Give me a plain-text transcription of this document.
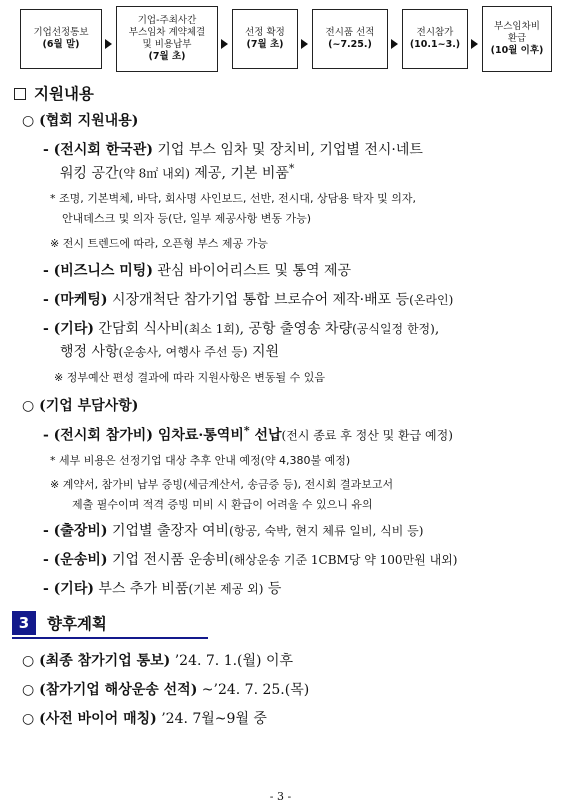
기업선정통보
(6월 말)
기업-주최사간
부스임차 계약체결
및 비용납부
(7월 초)
선정 확정
(7월 초)
전시품 선적
(~7.25.)
전시참가
(10.1~3.)
부스임차비
환급
(10월 이후)
지원내용
○ (협회 지원내용)
- (전시회 한국관) 기업 부스 임차 및 장치비, 기업별 전시·네트
워킹 공간(약 8㎡ 내외) 제공, 기본 비품*
* 조명, 기본벽체, 바닥, 회사명 사인보드, 선반, 전시대, 상담용 탁자 및 의자,
안내데스크 및 의자 등(단, 일부 제공사항 변동 가능)
※ 전시 트렌드에 따라, 오픈형 부스 제공 가능
- (비즈니스 미팅) 관심 바이어리스트 및 통역 제공
- (마케팅) 시장개척단 참가기업 통합 브로슈어 제작·배포 등(온라인)
- (기타) 간담회 식사비(최소 1회), 공항 출영송 차량(공식일정 한정),
행정 사항(운송사, 여행사 주선 등) 지원
※ 정부예산 편성 결과에 따라 지원사항은 변동될 수 있음
○ (기업 부담사항)
- (전시회 참가비) 임차료·통역비* 선납(전시 종료 후 정산 및 환급 예정)
* 세부 비용은 선정기업 대상 추후 안내 예정(약 4,380불 예정)
※ 계약서, 참가비 납부 증빙(세금계산서, 송금증 등), 전시회 결과보고서
제출 필수이며 적격 증빙 미비 시 환급이 어려울 수 있으니 유의
- (출장비) 기업별 출장자 여비(항공, 숙박, 현지 체류 일비, 식비 등)
- (운송비) 기업 전시품 운송비(해상운송 기준 1CBM당 약 100만원 내외)
- (기타) 부스 추가 비품(기본 제공 외) 등
3	향후계획
○ (최종 참가기업 통보) ’24. 7. 1.(월) 이후
○ (참가기업 해상운송 선적) ~’24. 7. 25.(목)
○ (사전 바이어 매칭) ’24. 7월~9월 중
- 3 -
